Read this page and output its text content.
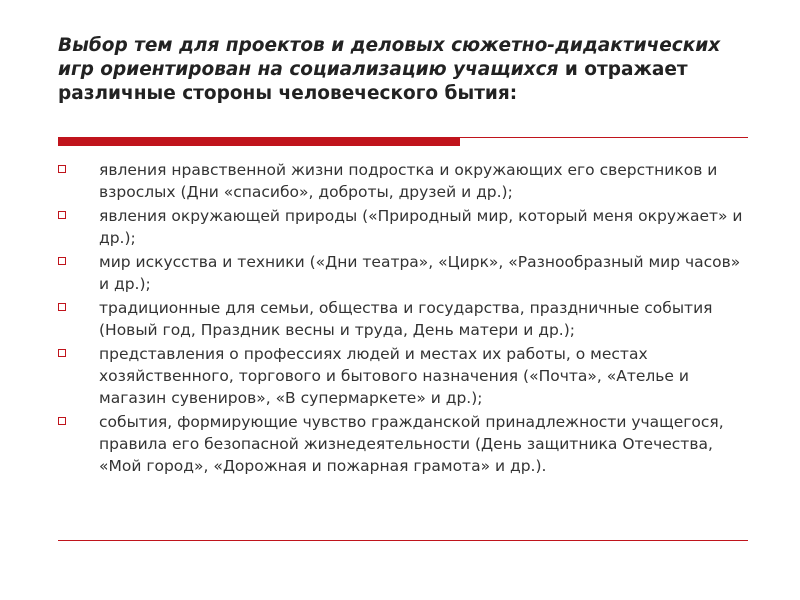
Выбор тем для проектов и деловых сюжетно-дидактических игр ориентирован на социализацию учащихся и отражает различные стороны человеческого бытия:
явления нравственной жизни подростка и окружающих его сверстников и взрослых (Дни «спасибо», доброты, друзей и др.);
явления окружающей природы («Природный мир, который меня окружает» и др.);
мир искусства и техники («Дни театра», «Цирк», «Разнообразный мир часов» и др.);
традиционные для семьи, общества и государства, праздничные события (Новый год, Праздник весны и труда, День матери и др.);
представления о профессиях людей и местах их работы, о местах хозяйственного, торгового и бытового назначения («Почта», «Ателье и магазин сувениров», «В супермаркете» и др.);
события, формирующие чувство гражданской принадлежности учащегося, правила его безопасной жизнедеятельности (День защитника Отечества, «Мой город», «Дорожная и пожарная грамота» и др.).
